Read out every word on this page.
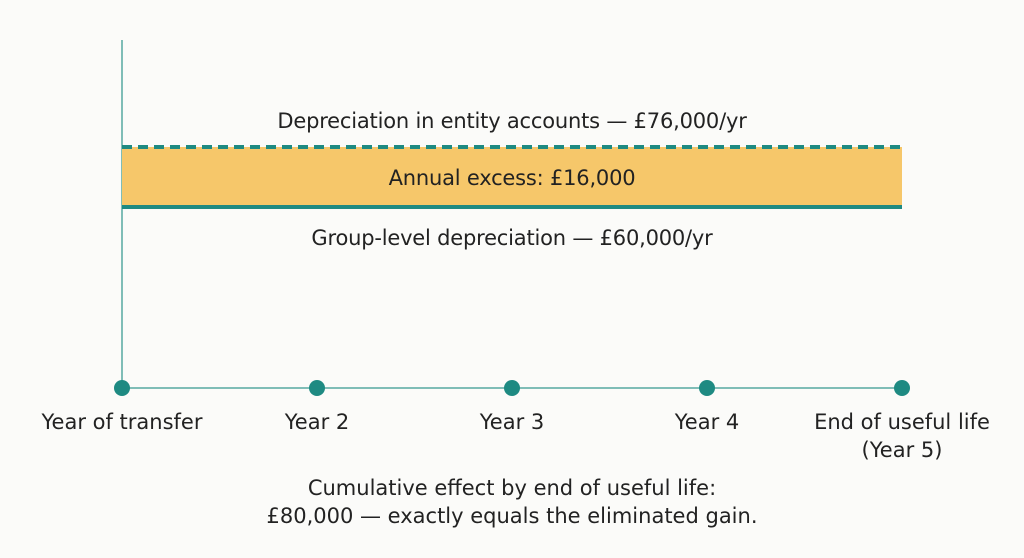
Depreciation in entity accounts — £76,000/yr
Annual excess: £16,000
Group-level depreciation — £60,000/yr
Year of transfer	Year 2	Year 3	Year 4	End of useful life
(Year 5)
Cumulative effect by end of useful life:
£80,000 — exactly equals the eliminated gain.
